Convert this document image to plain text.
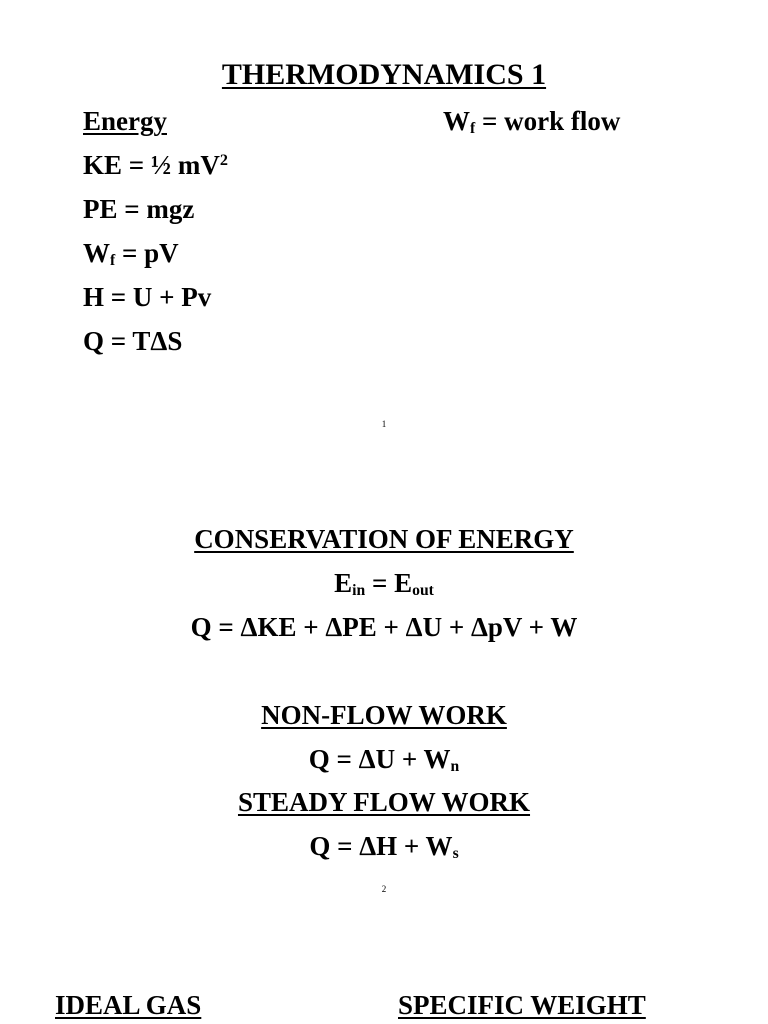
THERMODYNAMICS 1
Energy	$W_f$ = work flow
KE = ½ $mV^2$
PE = mgz
$W_f$ = pV
H = U + Pv
Q = TΔS
1
CONSERVATION OF ENERGY
$E_{in} = E_{out}$
Q = ΔKE + ΔPE + ΔU + ΔpV + W
NON-FLOW WORK
$Q = \Delta U + W_n$
STEADY FLOW WORK
$Q = \Delta H + W_s$
2
IDEAL GAS	SPECIFIC WEIGHT
